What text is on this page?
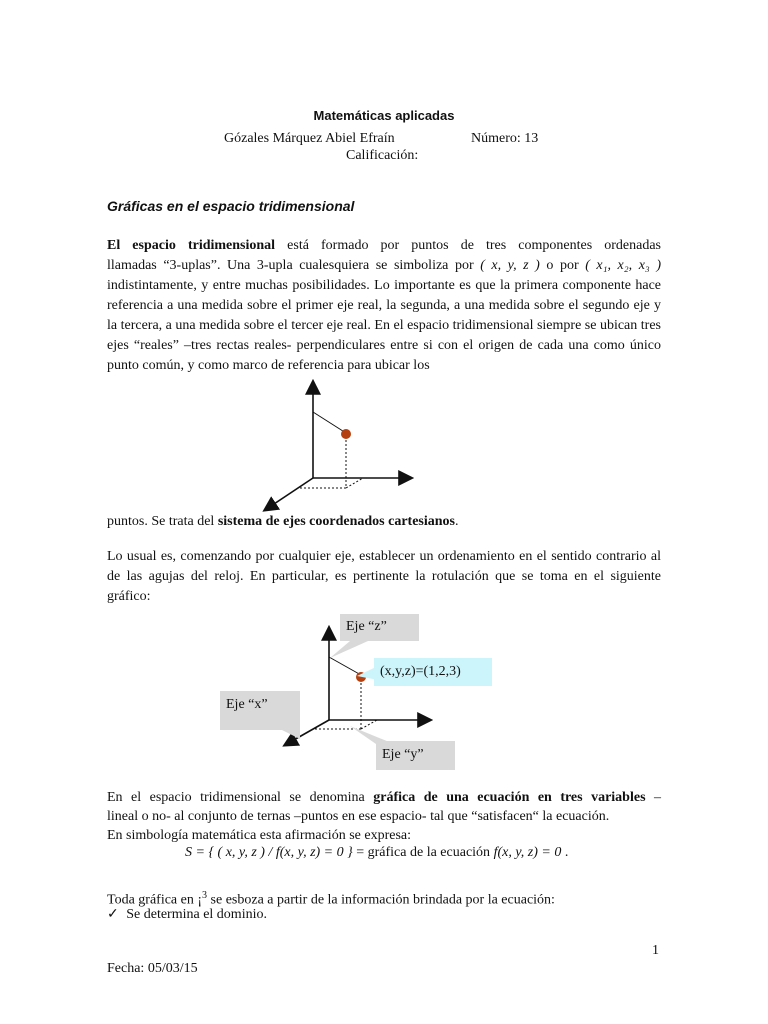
Matemáticas aplicadas
Gózales Márquez Abiel Efraín	Número: 13
Calificación:
Gráficas en el espacio tridimensional
El espacio tridimensional está formado por puntos de tres componentes ordenadas
llamadas “3-uplas”. Una 3-upla cualesquiera se simboliza por ( x, y, z ) o por ( x₁, x₂, x₃ )
indistintamente, y entre muchas posibilidades. Lo importante es que la primera componente hace referencia a una medida sobre el primer eje real, la segunda, a una medida sobre el segundo eje y la tercera, a una medida sobre el tercer eje real. En el espacio tridimensional siempre se ubican tres ejes “reales” –tres rectas reales- perpendiculares entre si con el origen de cada una como único punto común, y como marco de referencia para ubicar los
puntos. Se trata del sistema de ejes coordenados cartesianos.
Lo usual es, comenzando por cualquier eje, establecer un ordenamiento en el sentido contrario al de las agujas del reloj. En particular, es pertinente la rotulación que se toma en el siguiente gráfico:
Eje “z”
(x,y,z)=(1,2,3)
Eje “x”
Eje “y”
En el espacio tridimensional se denomina gráfica de una ecuación en tres variables –
lineal o no- al conjunto de ternas –puntos en ese espacio- tal que “satisfacen“ la ecuación.
En simbología matemática esta afirmación se expresa:
S = { ( x, y, z ) / f(x, y, z) = 0 } = gráfica de la ecuación f(x, y, z) = 0 .
Toda gráfica en ¡$^3$ se esboza a partir de la información brindada por la ecuación:
✓ Se determina el dominio.
1
Fecha: 05/03/15
